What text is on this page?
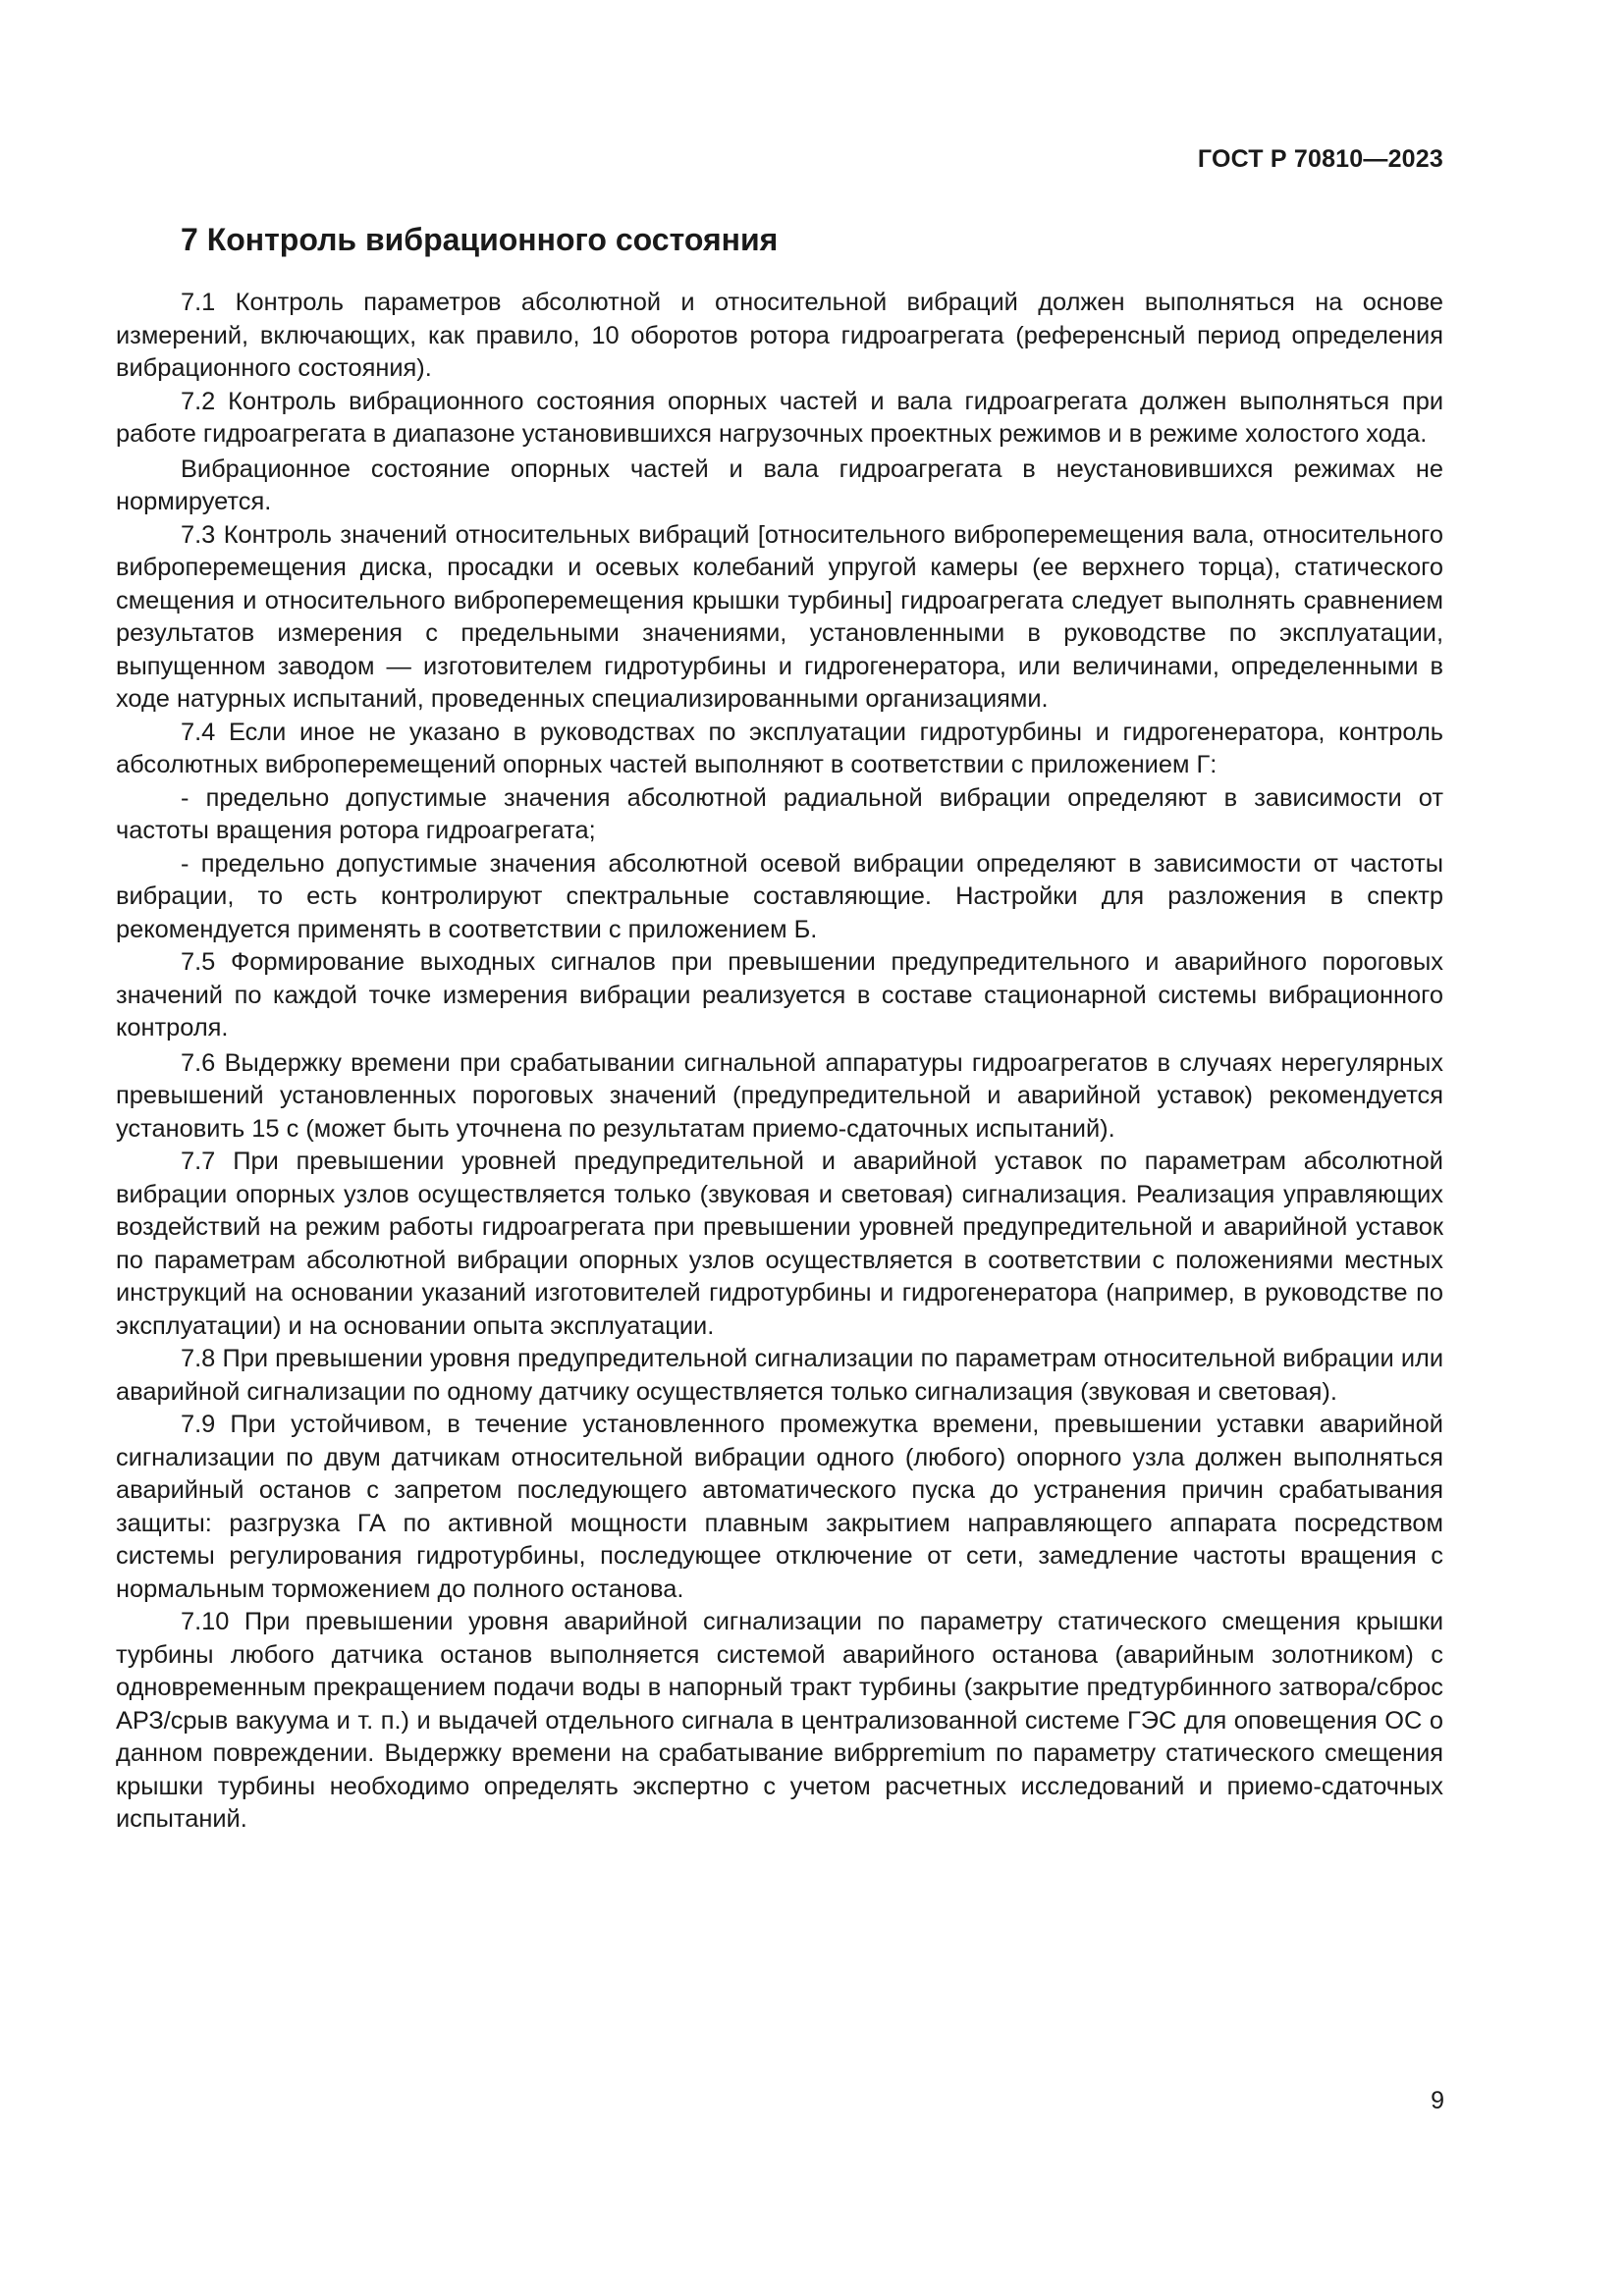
ГОСТ Р 70810—2023
7 Контроль вибрационного состояния

7.1 Контроль параметров абсолютной и относительной вибраций должен выполняться на основе измерений, включающих, как правило, 10 оборотов ротора гидроагрегата (референсный период определения вибрационного состояния).

7.2 Контроль вибрационного состояния опорных частей и вала гидроагрегата должен выполняться при работе гидроагрегата в диапазоне установившихся нагрузочных проектных режимов и в режиме холостого хода.

Вибрационное состояние опорных частей и вала гидроагрегата в неустановившихся режимах не нормируется.

7.3 Контроль значений относительных вибраций [относительного виброперемещения вала, относительного виброперемещения диска, просадки и осевых колебаний упругой камеры (ее верхнего торца), статического смещения и относительного виброперемещения крышки турбины] гидроагрегата следует выполнять сравнением результатов измерения с предельными значениями, установленными в руководстве по эксплуатации, выпущенном заводом — изготовителем гидротурбины и гидрогенератора, или величинами, определенными в ходе натурных испытаний, проведенных специализированными организациями.

7.4 Если иное не указано в руководствах по эксплуатации гидротурбины и гидрогенератора, контроль абсолютных виброперемещений опорных частей выполняют в соответствии с приложением Г:

- предельно допустимые значения абсолютной радиальной вибрации определяют в зависимости от частоты вращения ротора гидроагрегата;

- предельно допустимые значения абсолютной осевой вибрации определяют в зависимости от частоты вибрации, то есть контролируют спектральные составляющие. Настройки для разложения в спектр рекомендуется применять в соответствии с приложением Б.

7.5 Формирование выходных сигналов при превышении предупредительного и аварийного пороговых значений по каждой точке измерения вибрации реализуется в составе стационарной системы вибрационного контроля.

7.6 Выдержку времени при срабатывании сигнальной аппаратуры гидроагрегатов в случаях нерегулярных превышений установленных пороговых значений (предупредительной и аварийной уставок) рекомендуется установить 15 с (может быть уточнена по результатам приемо-сдаточных испытаний).

7.7 При превышении уровней предупредительной и аварийной уставок по параметрам абсолютной вибрации опорных узлов осуществляется только (звуковая и световая) сигнализация. Реализация управляющих воздействий на режим работы гидроагрегата при превышении уровней предупредительной и аварийной уставок по параметрам абсолютной вибрации опорных узлов осуществляется в соответствии с положениями местных инструкций на основании указаний изготовителей гидротурбины и гидрогенератора (например, в руководстве по эксплуатации) и на основании опыта эксплуатации.

7.8 При превышении уровня предупредительной сигнализации по параметрам относительной вибрации или аварийной сигнализации по одному датчику осуществляется только сигнализация (звуковая и световая).

7.9 При устойчивом, в течение установленного промежутка времени, превышении уставки аварийной сигнализации по двум датчикам относительной вибрации одного (любого) опорного узла должен выполняться аварийный останов с запретом последующего автоматического пуска до устранения причин срабатывания защиты: разгрузка ГА по активной мощности плавным закрытием направляющего аппарата посредством системы регулирования гидротурбины, последующее отключение от сети, замедление частоты вращения с нормальным торможением до полного останова.

7.10 При превышении уровня аварийной сигнализации по параметру статического смещения крышки турбины любого датчика останов выполняется системой аварийного останова (аварийным золотником) с одновременным прекращением подачи воды в напорный тракт турбины (закрытие предтурбинного затвора/сброс АРЗ/срыв вакуума и т. п.) и выдачей отдельного сигнала в централизованной системе ГЭС для оповещения ОС о данном повреждении. Выдержку времени на срабатывание вибрpremium по параметру статического смещения крышки турбины необходимо определять экспертно с учетом расчетных исследований и приемо-сдаточных испытаний.

9
